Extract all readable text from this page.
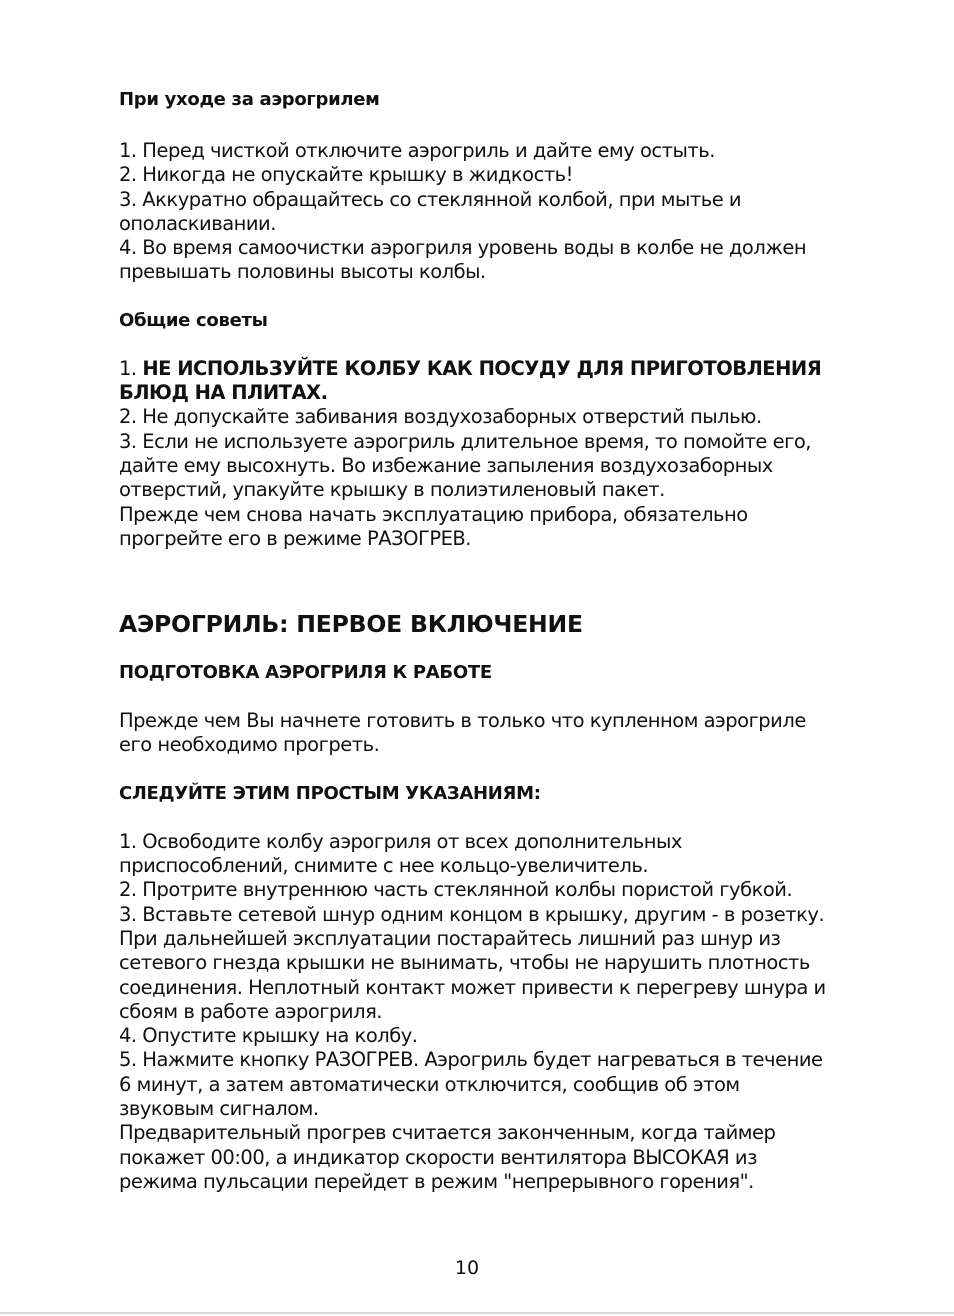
При уходе за аэрогрилем

1. Перед чисткой отключите аэрогриль и дайте ему остыть.

2. Никогда не опускайте крышку в жидкость!

3. Аккуратно обращайтесь со стеклянной колбой, при мытье и ополаскивании.

4. Во время самоочистки аэрогриля уровень воды в колбе не должен превышать половины высоты колбы.

Общие советы

1. НЕ ИСПОЛЬЗУЙТЕ КОЛБУ КАК ПОСУДУ ДЛЯ ПРИГОТОВЛЕНИЯ БЛЮД НА ПЛИТАХ.

2. Не допускайте забивания воздухозаборных отверстий пылью.

3. Если не используете аэрогриль длительное время, то помойте его, дайте ему высохнуть. Во избежание запыления воздухозаборных отверстий, упакуйте крышку в полиэтиленовый пакет.

Прежде чем снова начать эксплуатацию прибора, обязательно прогрейте его в режиме РАЗОГРЕВ.

АЭРОГРИЛЬ: ПЕРВОЕ ВКЛЮЧЕНИЕ
ПОДГОТОВКА АЭРОГРИЛЯ К РАБОТЕ

Прежде чем Вы начнете готовить в только что купленном аэрогриле его необходимо прогреть.

СЛЕДУЙТЕ ЭТИМ ПРОСТЫМ УКАЗАНИЯМ:

1. Освободите колбу аэрогриля от всех дополнительных приспособлений, снимите с нее кольцо-увеличитель.

2. Протрите внутреннюю часть стеклянной колбы пористой губкой.

3. Вставьте сетевой шнур одним концом в крышку, другим - в розетку. При дальнейшей эксплуатации постарайтесь лишний раз шнур из сетевого гнезда крышки не вынимать, чтобы не нарушить плотность соединения. Неплотный контакт может привести к перегреву шнура и сбоям в работе аэрогриля.

4. Опустите крышку на колбу.

5. Нажмите кнопку РАЗОГРЕВ. Аэрогриль будет нагреваться в течение 6 минут, а затем автоматически отключится, сообщив об этом звуковым сигналом.

Предварительный прогрев считается законченным, когда таймер покажет 00:00, а индикатор скорости вентилятора ВЫСОКАЯ из режима пульсации перейдет в режим "непрерывного горения".

10
